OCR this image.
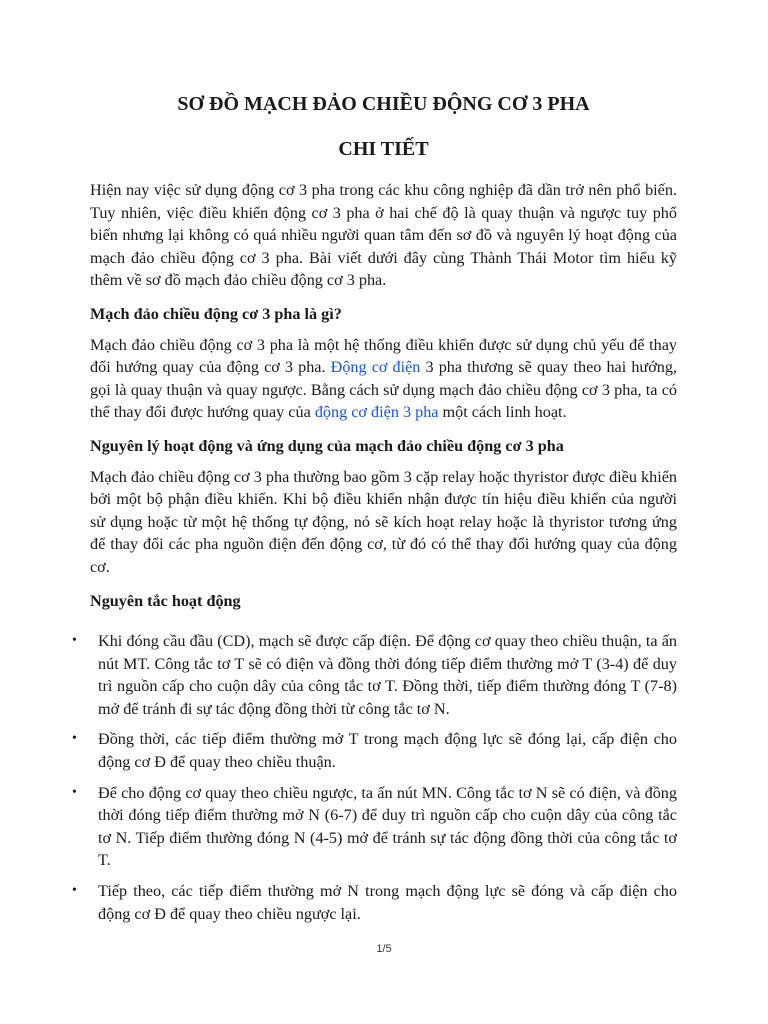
SƠ ĐỒ MẠCH ĐẢO CHIỀU ĐỘNG CƠ 3 PHA
CHI TIẾT

Hiện nay việc sử dụng động cơ 3 pha trong các khu công nghiệp đã dần trở nên phổ biến. Tuy nhiên, việc điều khiển động cơ 3 pha ở hai chế độ là quay thuận và ngược tuy phổ biến nhưng lại không có quá nhiều người quan tâm đến sơ đồ và nguyên lý hoạt động của mạch đảo chiều động cơ 3 pha. Bài viết dưới đây cùng Thành Thái Motor tìm hiểu kỹ thêm về sơ đồ mạch đảo chiều động cơ 3 pha.

Mạch đảo chiều động cơ 3 pha là gì?

Mạch đảo chiều động cơ 3 pha là một hệ thống điều khiển được sử dụng chủ yếu để thay đổi hướng quay của động cơ 3 pha. Động cơ điện 3 pha thương sẽ quay theo hai hướng, gọi là quay thuận và quay ngược. Bằng cách sử dụng mạch đảo chiều động cơ 3 pha, ta có thể thay đổi được hướng quay của động cơ điện 3 pha một cách linh hoạt.

Nguyên lý hoạt động và ứng dụng của mạch đảo chiều động cơ 3 pha

Mạch đảo chiều động cơ 3 pha thường bao gồm 3 cặp relay hoặc thyristor được điều khiển bởi một bộ phận điều khiển. Khi bộ điều khiển nhận được tín hiệu điều khiển của người sử dụng hoặc từ một hệ thống tự động, nó sẽ kích hoạt relay hoặc là thyristor tương ứng để thay đổi các pha nguồn điện đến động cơ, từ đó có thể thay đổi hướng quay của động cơ.

Nguyên tắc hoạt động
• Khi đóng cầu đầu (CD), mạch sẽ được cấp điện. Để động cơ quay theo chiều thuận, ta ấn nút MT. Công tắc tơ T sẽ có điện và đồng thời đóng tiếp điểm thường mở T (3-4) để duy trì nguồn cấp cho cuộn dây của công tắc tơ T. Đồng thời, tiếp điểm thường đóng T (7-8) mở để tránh đi sự tác động đồng thời từ công tắc tơ N.
• Đồng thời, các tiếp điểm thường mở T trong mạch động lực sẽ đóng lại, cấp điện cho động cơ Đ để quay theo chiều thuận.
• Để cho động cơ quay theo chiều ngược, ta ấn nút MN. Công tắc tơ N sẽ có điện, và đồng thời đóng tiếp điểm thường mở N (6-7) để duy trì nguồn cấp cho cuộn dây của công tắc tơ N. Tiếp điểm thường đóng N (4-5) mở để tránh sự tác động đồng thời của công tắc tơ T.
• Tiếp theo, các tiếp điểm thường mở N trong mạch động lực sẽ đóng và cấp điện cho động cơ Đ để quay theo chiều ngược lại.
1/5
